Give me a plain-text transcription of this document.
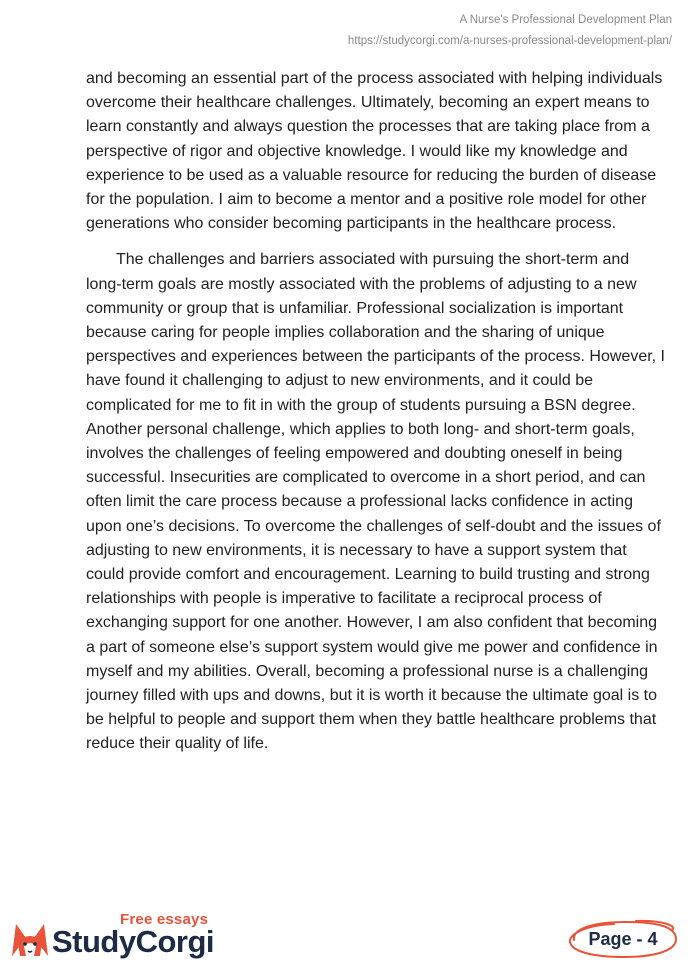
A Nurse's Professional Development Plan
https://studycorgi.com/a-nurses-professional-development-plan/

and becoming an essential part of the process associated with helping individuals overcome their healthcare challenges. Ultimately, becoming an expert means to learn constantly and always question the processes that are taking place from a perspective of rigor and objective knowledge. I would like my knowledge and experience to be used as a valuable resource for reducing the burden of disease for the population. I aim to become a mentor and a positive role model for other generations who consider becoming participants in the healthcare process.

The challenges and barriers associated with pursuing the short-term and long-term goals are mostly associated with the problems of adjusting to a new community or group that is unfamiliar. Professional socialization is important because caring for people implies collaboration and the sharing of unique perspectives and experiences between the participants of the process. However, I have found it challenging to adjust to new environments, and it could be complicated for me to fit in with the group of students pursuing a BSN degree. Another personal challenge, which applies to both long- and short-term goals, involves the challenges of feeling empowered and doubting oneself in being successful. Insecurities are complicated to overcome in a short period, and can often limit the care process because a professional lacks confidence in acting upon one’s decisions. To overcome the challenges of self-doubt and the issues of adjusting to new environments, it is necessary to have a support system that could provide comfort and encouragement. Learning to build trusting and strong relationships with people is imperative to facilitate a reciprocal process of exchanging support for one another. However, I am also confident that becoming a part of someone else’s support system would give me power and confidence in myself and my abilities. Overall, becoming a professional nurse is a challenging journey filled with ups and downs, but it is worth it because the ultimate goal is to be helpful to people and support them when they battle healthcare problems that reduce their quality of life.

Free essays
StudyCorgi	Page - 4
